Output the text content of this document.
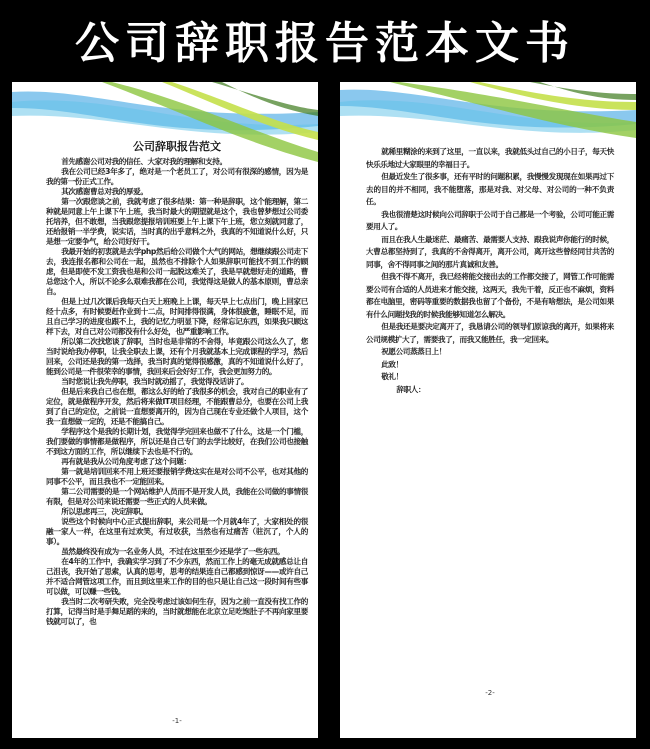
公司辞职报告范本文书
公司辞职报告范文

首先感谢公司对我的信任、大家对我的理解和支持。

我在公司已经3年多了，绝对是一个老员工了，对公司有很深的感情，因为是我的第一份正式工作。

其次感谢曹总对我的厚爱。

第一次跟您谈之前，我就考虑了很多结果：第一种是辞职，这个能理解，第二种就是同意上午上课下午上班，我当时最大的期望就是这个，我也曾梦想过公司委托培养，但不敢想，当我跟您提报培训班要上午上课下午上班，您立刻就同意了，还给报销一半学费，说实话，当时真的出乎意料之外，我真的不知道说什么好，只是想一定要争气，给公司好好干。

我最开始的初衷就是去学php然后给公司做个大气的网站，想继续跟公司走下去，我连报名都和公司在一起，虽然也不排除个人如果辞职可能找不到工作的顾虑，但是即使不发工资我也是和公司一起脱这难关了，我是早就想好走的道路，曹总您这个人，所以不论多么艰难我都在公司，我觉得这是做人的基本原则，曹总亲自。

但是上过几次课后我每天白天上班晚上上课，每天早上七点出门，晚上回家已经十点多，有时候要赶作业到十二点，时间排得很满，身体很疲惫，睡眠不足，而且自己学习的进度也跟不上，我的记忆力明显下降，经常忘记东西，如果我只顾这样下去，对自己对公司都没有什么好处，也严重影响工作。

所以第二次找您谈了辞职，当时也是非常的不舍得，毕竟跟公司这么久了，您当时说给我办停职，让我全职去上课，还有个月我就基本上完成课程的学习，然后回来，公司还是我的第一选择，我当时真的觉得很感激，真的不知道说什么好了，能到公司是一件很荣幸的事情，我回来后会好好工作，我会更加努力的。

当时您说让我先停职，我当时就动摇了，我觉得没话讲了。

但是后来我自己也在想，都这么好的给了我很多的机会，我对自己的职业有了定位，就是做程序开发，然后将来做IT项目经理，不能跟曹总分，也要在公司上我到了自己的定位，之前说一直想要离开的，因为自己现在专业还做个人项目，这个我一直想做一定的，还是不能搞自己。

学程序这个是我的长期计划，我觉得学完回来也做不了什么，这是一个门槛，我们要做的事情都是做程序，所以还是自己专门的去学比较好，在我们公司也接触不到这方面的工作，所以继续下去也是不行的。

再有就是我从公司角度考虑了这个问题：

第一就是培训回来不用上班还要报销学费这实在是对公司不公平，也对其他的同事不公平，而且我也不一定能回来。

第二公司需要的是一个网站维护人员而不是开发人员，我能在公司做的事情很有限，但是对公司来说还需要一些正式的人员来做。

所以思虑再三，决定辞职。

说些这个时候向中心正式提出辞职，来公司是一个月就4年了，大家相处的很融一家人一样，在这里有过欢笑，有过收获，当然也有过痛苦（驻沉了，个人的事）。

虽然最终没有成为一名业务人员，不过在这里至少还是学了一些东西。

在4年的工作中，我确实学习到了不少东西，然而工作上的毫无成就感总让自己沮丧，我开始了思索，认真的思考，思考的结果连自己都感到惊讶——或许自己并不适合网管这项工作，而且到这里来工作的目的也只是让自己这一段时间有些事可以做，可以赚一些钱。

我当时二次考研失败，完全没考虑过该如何生存，因为之前一直没有找工作的打算，记得当时是手舞足蹈的来的，当时就想能在北京立足吃饱肚子不再向家里要钱就可以了，也

-1-

就稀里糊涂的来到了这里，一直以来，我就低头过自己的小日子，每天快快乐乐地过大家眼里的幸福日子。

但最近发生了很多事，还有平时的问题积累，我慢慢发现现在如果再过下去的目的并不相同，我不能堕落，那是对我、对父母、对公司的一种不负责任。

我也很清楚这时候向公司辞职于公司于自己都是一个考验，公司可能正需要用人了。

而且在我人生最迷茫、最痛苦、最需要人支持、跟我说声你能行的时候，大曹总都坚持到了，我真的不舍得离开，离开公司，离开这些曾经同甘共苦的同事，舍不得同事之间的那片真诚和友善。

但我不得不离开，我已经将能交接出去的工作都交接了，网管工作可能需要公司有合适的人员进来才能交接，这两天，我先干着，反正也不麻烦，资料都在电脑里，密码等重要的数据我也留了个备份，不是有啥想法，是公司如果有什么问题找我的时候我能够知道怎么解决。

但是我还是要决定离开了，我恳请公司的领导们原谅我的离开，如果将来公司规模扩大了，需要我了，而我又能胜任，我一定回来。

祝愿公司蒸蒸日上！

此致！

敬礼！

辞职人：

-2-
